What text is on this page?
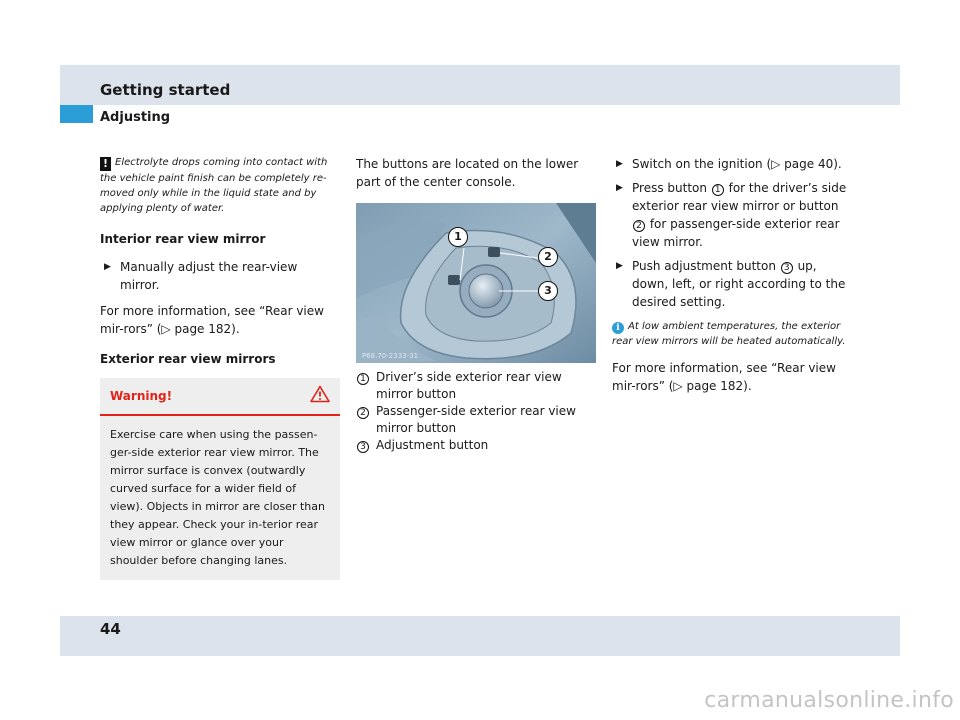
Getting started
Adjusting
! Electrolyte drops coming into contact with the vehicle paint finish can be completely re-moved only while in the liquid state and by applying plenty of water.
Interior rear view mirror
▶ Manually adjust the rear-view mirror.

For more information, see “Rear view mir-rors” (▷ page 182).

Exterior rear view mirrors
Warning!
Exercise care when using the passen-ger-side exterior rear view mirror. The mirror surface is convex (outwardly curved surface for a wider field of view). Objects in mirror are closer than they appear. Check your in-terior rear view mirror or glance over your shoulder before changing lanes.

The buttons are located on the lower part of the center console.

P68.70-2333-31
1
2
3
1 Driver’s side exterior rear view mirror button
2 Passenger-side exterior rear view mirror button
3 Adjustment button
▶ Switch on the ignition (▷ page 40).
▶ Press button 1 for the driver’s side exterior rear view mirror or button 2 for passenger-side exterior rear view mirror.
▶ Push adjustment button 3 up, down, left, or right according to the desired setting.
i At low ambient temperatures, the exterior rear view mirrors will be heated automatically.

For more information, see “Rear view mir-rors” (▷ page 182).

44
carmanualsonline.info
